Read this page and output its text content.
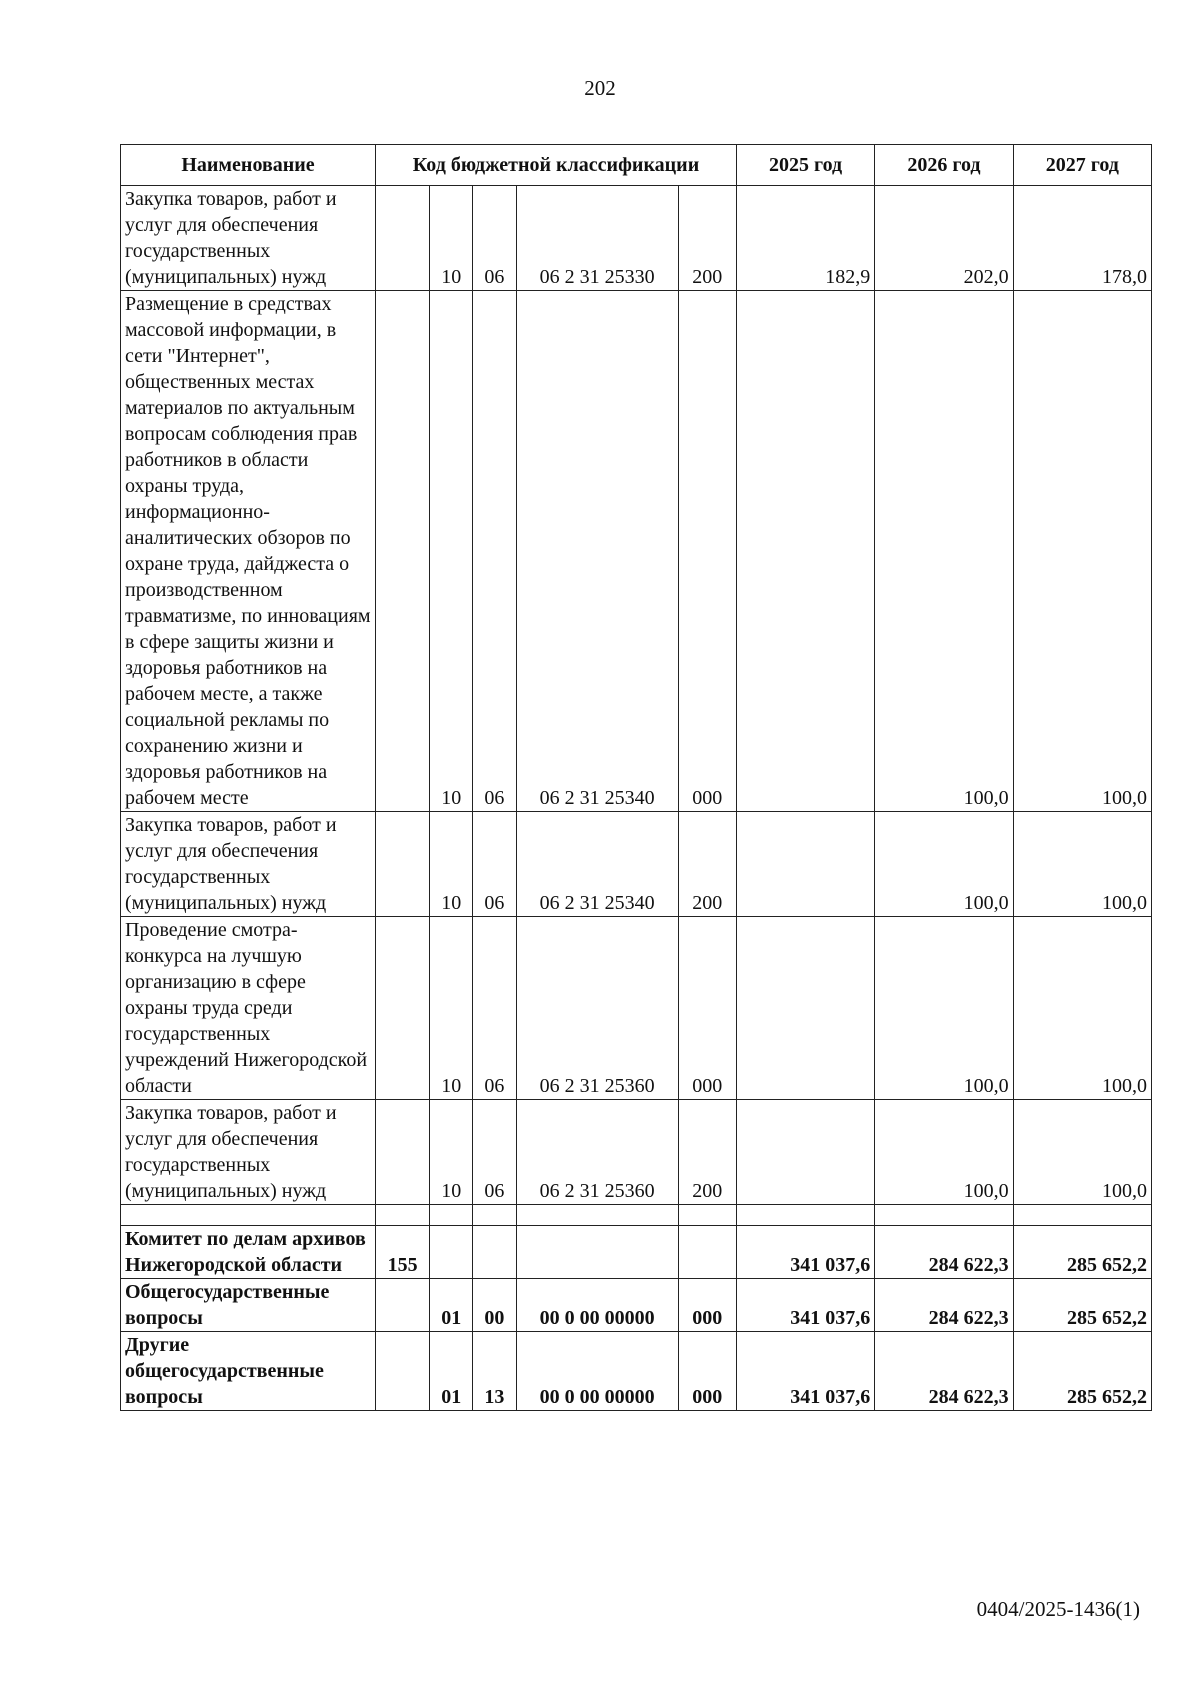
202
Наименование	Код бюджетной классификации					2025 год	2026 год	2027 год
Закупка товаров, работ и услуг для обеспечения государственных (муниципальных) нужд		10	06	06 2 31 25330	200	182,9	202,0	178,0
Размещение в средствах массовой информации, в сети "Интернет", общественных местах материалов по актуальным вопросам соблюдения прав работников в области охраны труда, информационно-аналитических обзоров по охране труда, дайджеста о производственном травматизме, по инновациям в сфере защиты жизни и здоровья работников на рабочем месте, а также социальной рекламы по сохранению жизни и здоровья работников на рабочем месте		10	06	06 2 31 25340	000		100,0	100,0
Закупка товаров, работ и услуг для обеспечения государственных (муниципальных) нужд		10	06	06 2 31 25340	200		100,0	100,0
Проведение смотра-конкурса на лучшую организацию в сфере охраны труда среди государственных учреждений Нижегородской области		10	06	06 2 31 25360	000		100,0	100,0
Закупка товаров, работ и услуг для обеспечения государственных (муниципальных) нужд		10	06	06 2 31 25360	200		100,0	100,0

Комитет по делам архивов Нижегородской области	155					341 037,6	284 622,3	285 652,2
Общегосударственные вопросы		01	00	00 0 00 00000	000	341 037,6	284 622,3	285 652,2
Другие общегосударственные вопросы		01	13	00 0 00 00000	000	341 037,6	284 622,3	285 652,2
0404/2025-1436(1)
